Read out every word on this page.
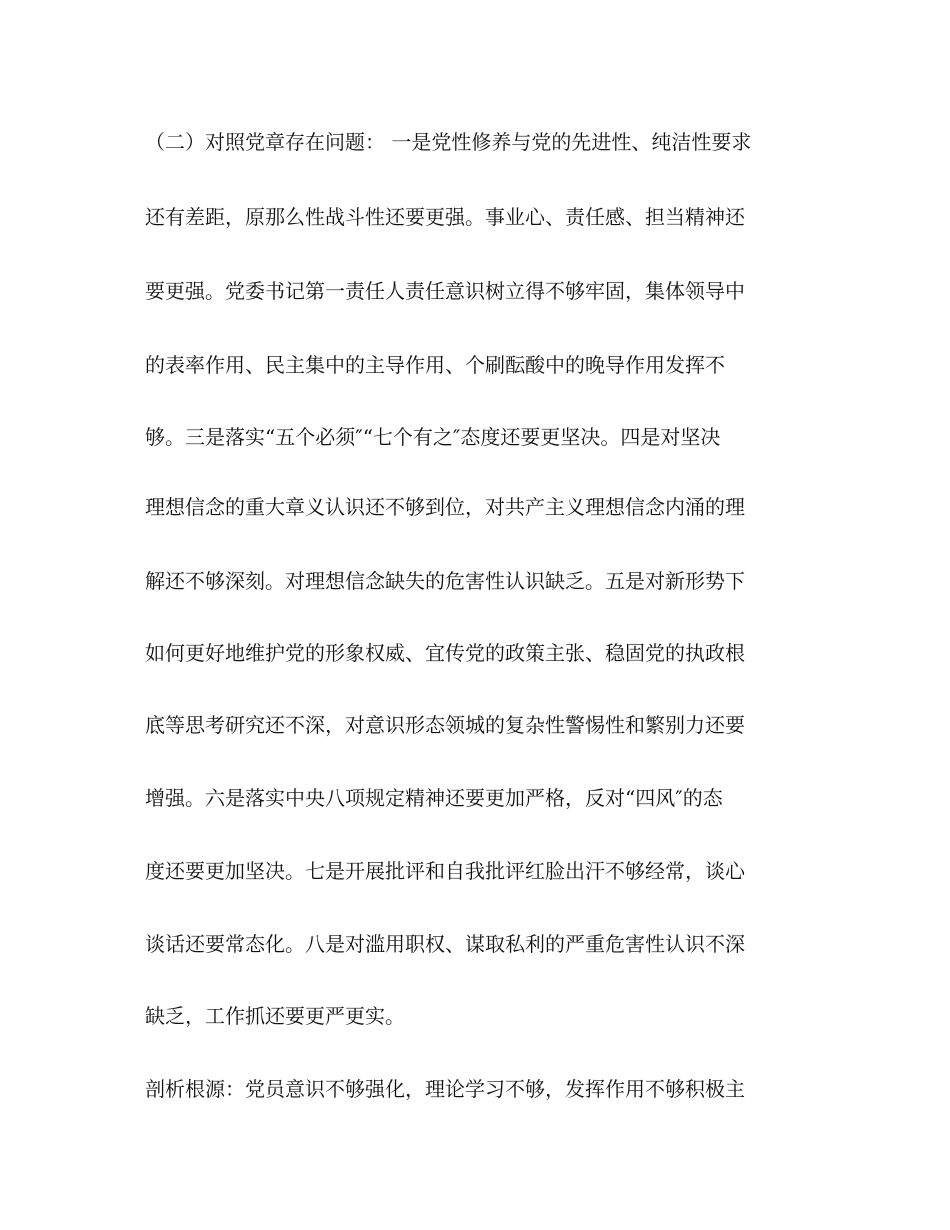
（二）对照党章存在问题： 一是党性修养与党的先进性、纯洁性要求
还有差距，原那么性战斗性还要更强。事业心、责任感、担当精神还
要更强。党委书记第一责任人责任意识树立得不够牢固，集体领导中
的表率作用、民主集中的主导作用、个刷酝酸中的晚导作用发挥不
够。三是落实“五个必须″“七个有之″态度还要更坚决。四是对坚决
理想信念的重大章义认识还不够到位，对共产主义理想信念内涌的理
解还不够深刻。对理想信念缺失的危害性认识缺乏。五是对新形势下
如何更好地维护党的形象权威、宜传党的政策主张、稳固党的执政根
底等思考研究还不深，对意识形态领城的复杂性警惕性和繁别力还要
增强。六是落实中央八项规定精神还要更加严格，反对“四风″的态
度还要更加坚决。七是开展批评和自我批评红脸出汗不够经常，谈心
谈话还要常态化。八是对滥用职权、谋取私利的严重危害性认识不深
缺乏，工作抓还要更严更实。
剖析根源：党员意识不够强化，理论学习不够，发挥作用不够积极主
